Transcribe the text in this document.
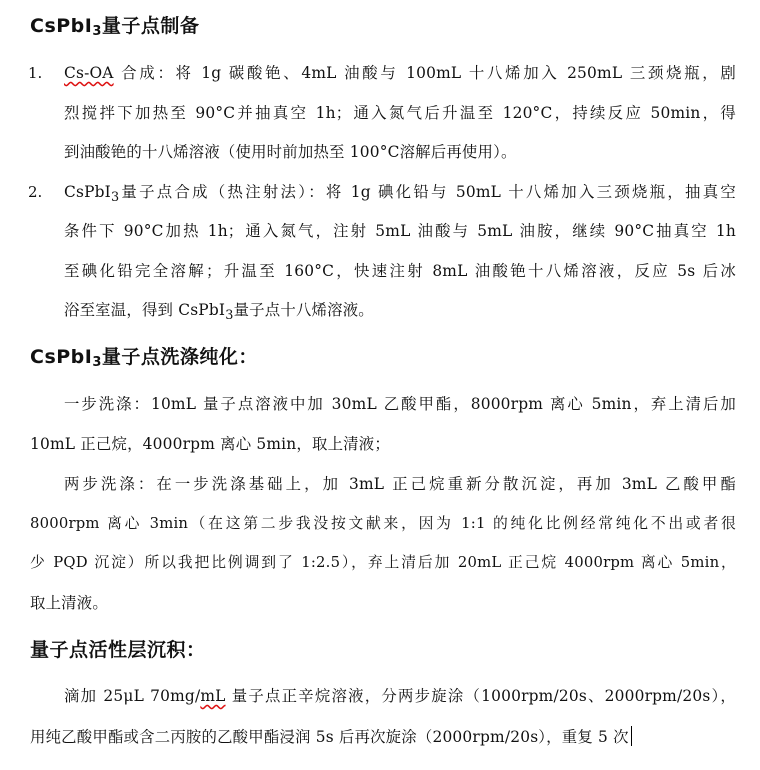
CsPbI$_3$量子点制备
1. Cs-OA 合成：将 1g 碳酸铯、4mL 油酸与 100mL 十八烯加入 250mL 三颈烧瓶，剧
烈搅拌下加热至 90°C并抽真空 1h；通入氮气后升温至 120°C，持续反应 50min，得
到油酸铯的十八烯溶液（使用时前加热至 100°C溶解后再使用）。
2. CsPbI$_3$量子点合成（热注射法）：将 1g 碘化铅与 50mL 十八烯加入三颈烧瓶，抽真空
条件下 90°C加热 1h；通入氮气，注射 5mL 油酸与 5mL 油胺，继续 90°C抽真空 1h
至碘化铅完全溶解；升温至 160°C，快速注射 8mL 油酸铯十八烯溶液，反应 5s 后冰
浴至室温，得到 CsPbI$_3$量子点十八烯溶液。
CsPbI$_3$量子点洗涤纯化：
一步洗涤：10mL 量子点溶液中加 30mL 乙酸甲酯，8000rpm 离心 5min，弃上清后加
10mL 正己烷，4000rpm 离心 5min，取上清液；
两步洗涤：在一步洗涤基础上，加 3mL 正己烷重新分散沉淀，再加 3mL 乙酸甲酯
8000rpm 离心 3min（在这第二步我没按文献来，因为 1:1 的纯化比例经常纯化不出或者很
少 PQD 沉淀）所以我把比例调到了 1:2.5），弃上清后加 20mL 正己烷 4000rpm 离心 5min，
取上清液。
量子点活性层沉积：
滴加 25μL 70mg/mL 量子点正辛烷溶液，分两步旋涂（1000rpm/20s、2000rpm/20s），
用纯乙酸甲酯或含二丙胺的乙酸甲酯浸润 5s 后再次旋涂（2000rpm/20s），重复 5 次
